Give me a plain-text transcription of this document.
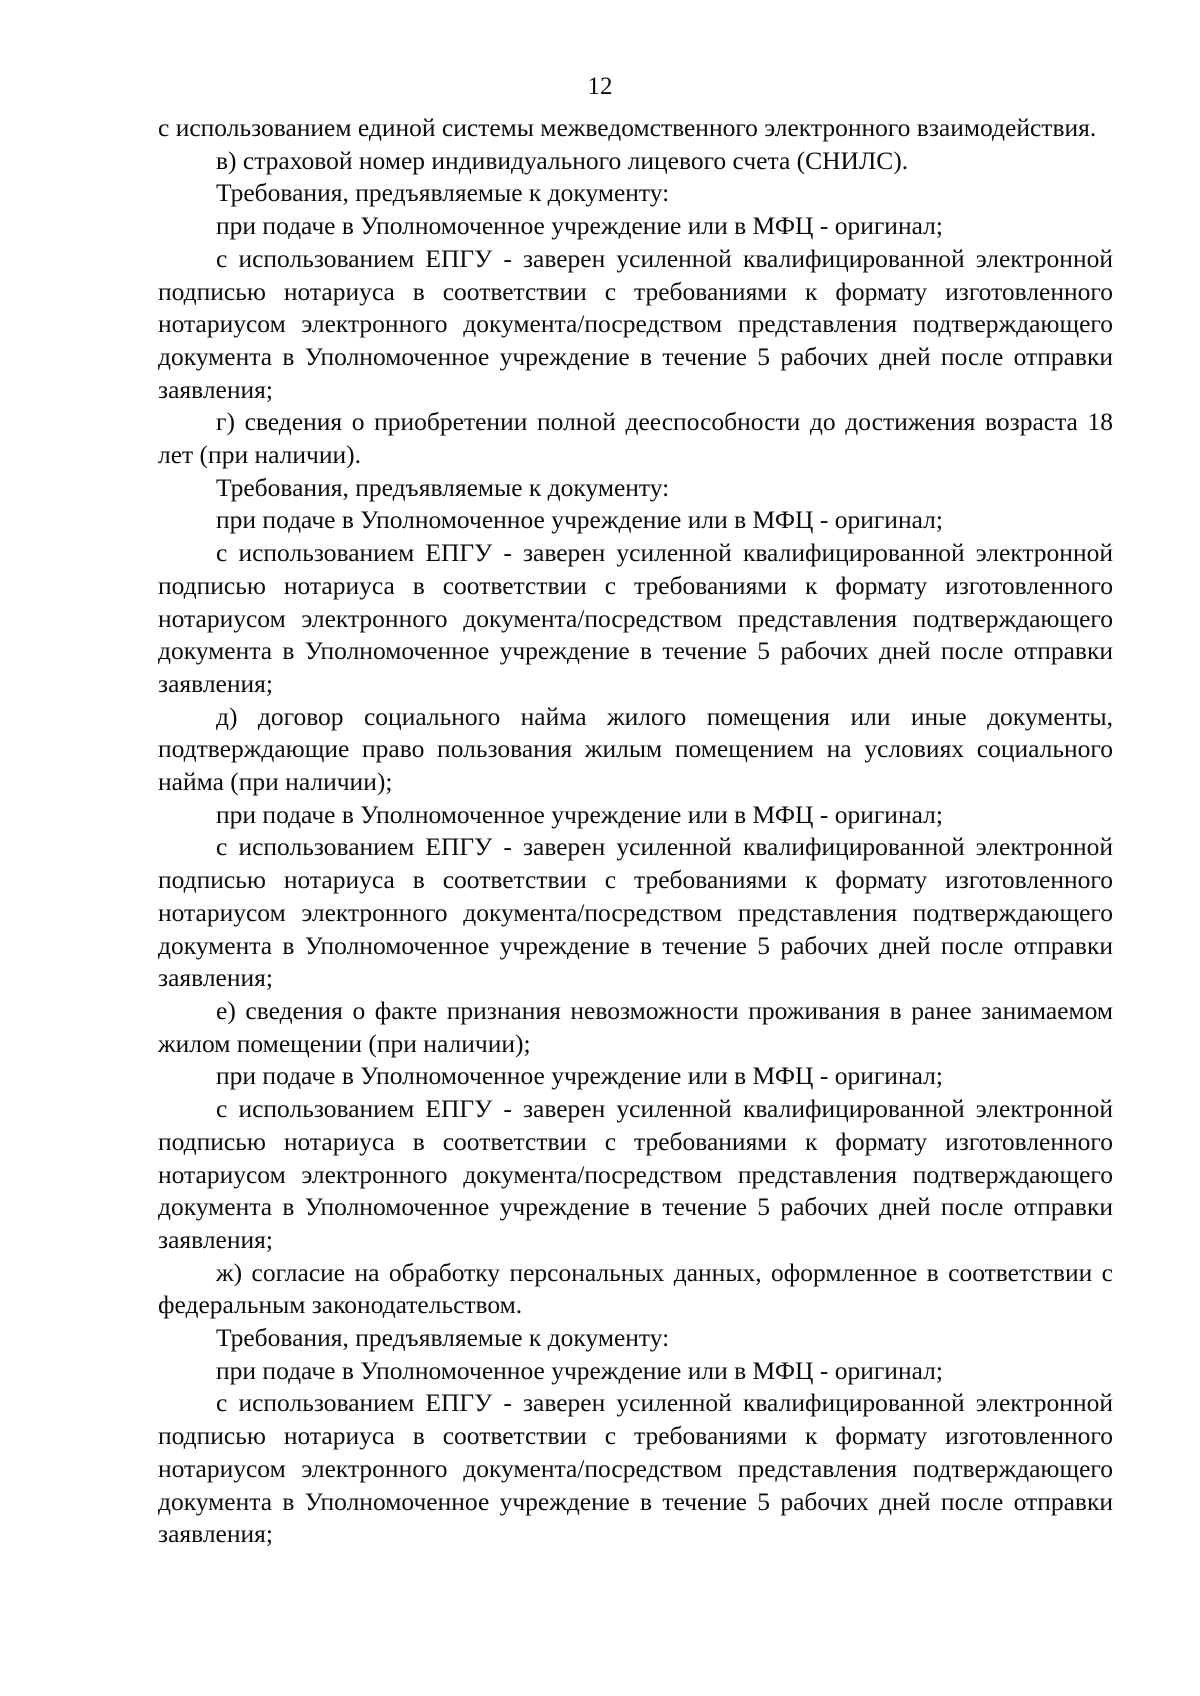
12

с использованием единой системы межведомственного электронного взаимодействия.

в) страховой номер индивидуального лицевого счета (СНИЛС).

Требования, предъявляемые к документу:

при подаче в Уполномоченное учреждение или в МФЦ - оригинал;

с использованием ЕПГУ - заверен усиленной квалифицированной электронной подписью нотариуса в соответствии с требованиями к формату изготовленного нотариусом электронного документа/посредством представления подтверждающего документа в Уполномоченное учреждение в течение 5 рабочих дней после отправки заявления;

г) сведения о приобретении полной дееспособности до достижения возраста 18 лет (при наличии).

Требования, предъявляемые к документу:

при подаче в Уполномоченное учреждение или в МФЦ - оригинал;

с использованием ЕПГУ - заверен усиленной квалифицированной электронной подписью нотариуса в соответствии с требованиями к формату изготовленного нотариусом электронного документа/посредством представления подтверждающего документа в Уполномоченное учреждение в течение 5 рабочих дней после отправки заявления;

д) договор социального найма жилого помещения или иные документы, подтверждающие право пользования жилым помещением на условиях социального найма (при наличии);

при подаче в Уполномоченное учреждение или в МФЦ - оригинал;

с использованием ЕПГУ - заверен усиленной квалифицированной электронной подписью нотариуса в соответствии с требованиями к формату изготовленного нотариусом электронного документа/посредством представления подтверждающего документа в Уполномоченное учреждение в течение 5 рабочих дней после отправки заявления;

е) сведения о факте признания невозможности проживания в ранее занимаемом жилом помещении (при наличии);

при подаче в Уполномоченное учреждение или в МФЦ - оригинал;

с использованием ЕПГУ - заверен усиленной квалифицированной электронной подписью нотариуса в соответствии с требованиями к формату изготовленного нотариусом электронного документа/посредством представления подтверждающего документа в Уполномоченное учреждение в течение 5 рабочих дней после отправки заявления;

ж) согласие на обработку персональных данных, оформленное в соответствии с федеральным законодательством.

Требования, предъявляемые к документу:

при подаче в Уполномоченное учреждение или в МФЦ - оригинал;

с использованием ЕПГУ - заверен усиленной квалифицированной электронной подписью нотариуса в соответствии с требованиями к формату изготовленного нотариусом электронного документа/посредством представления подтверждающего документа в Уполномоченное учреждение в течение 5 рабочих дней после отправки заявления;
